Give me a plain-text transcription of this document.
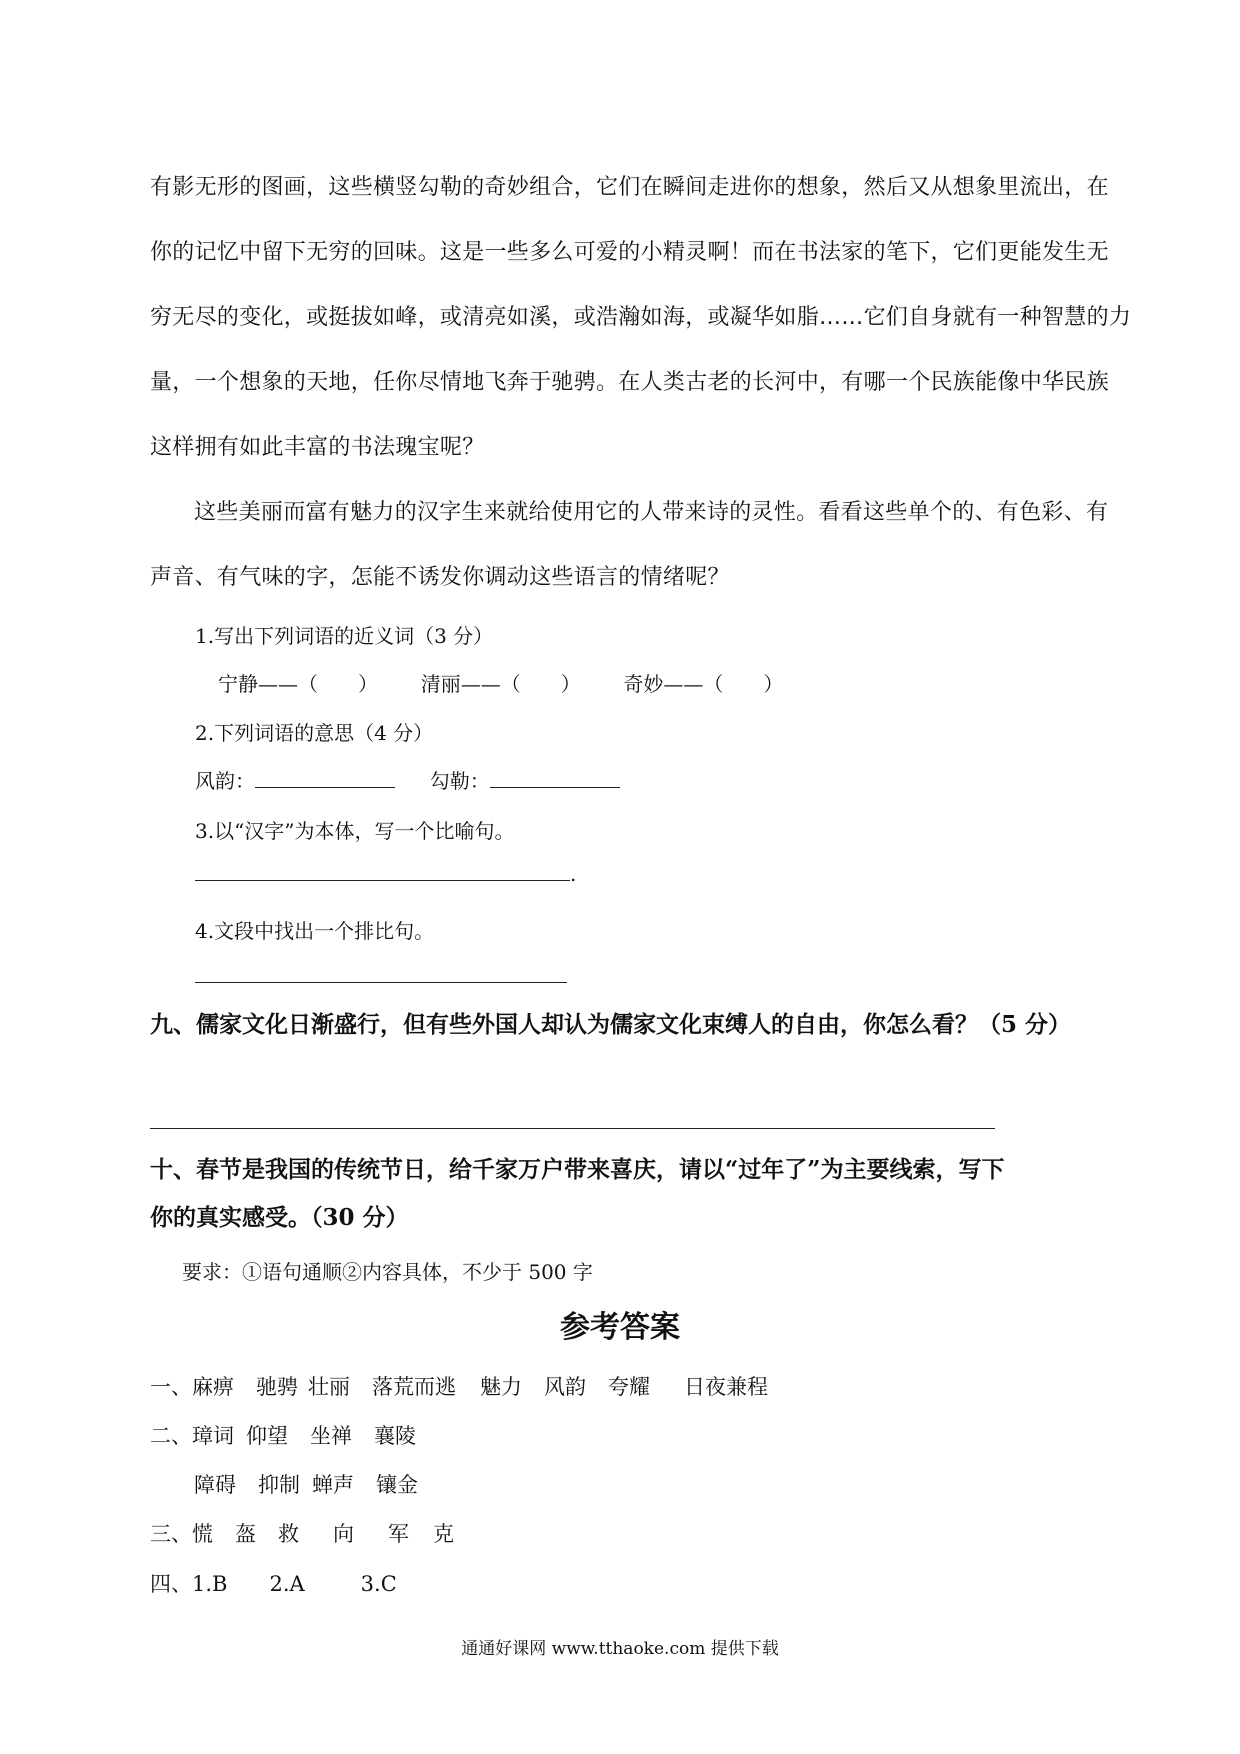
有影无形的图画，这些横竖勾勒的奇妙组合，它们在瞬间走进你的想象，然后又从想象里流出，在
你的记忆中留下无穷的回味。这是一些多么可爱的小精灵啊！而在书法家的笔下，它们更能发生无
穷无尽的变化，或挺拔如峰，或清亮如溪，或浩瀚如海，或凝华如脂……它们自身就有一种智慧的力
量，一个想象的天地，任你尽情地飞奔于驰骋。在人类古老的长河中，有哪一个民族能像中华民族
这样拥有如此丰富的书法瑰宝呢？
这些美丽而富有魅力的汉字生来就给使用它的人带来诗的灵性。看看这些单个的、有色彩、有
声音、有气味的字，怎能不诱发你调动这些语言的情绪呢？
1.写出下列词语的近义词（3 分）
宁静——（　　） 清丽——（　　） 奇妙——（　　）
2.下列词语的意思（4 分）
风韵：	勾勒：
3.以“汉字”为本体，写一个比喻句。
.
4.文段中找出一个排比句。
九、儒家文化日渐盛行，但有些外国人却认为儒家文化束缚人的自由，你怎么看？（5 分）
十、春节是我国的传统节日，给千家万户带来喜庆，请以“过年了”为主要线索，写下
你的真实感受。（30 分）
要求：①语句通顺②内容具体，不少于 500 字
参考答案
一、麻痹 驰骋 壮丽 落荒而逃 魅力 风韵 夸耀 日夜兼程
二、璋词 仰望 坐禅 襄陵
障碍 抑制 蝉声 镶金
三、慌 盔 救 向 军 克
四、1.B 2.A	3.C
通通好课网 www.tthaoke.com 提供下载
